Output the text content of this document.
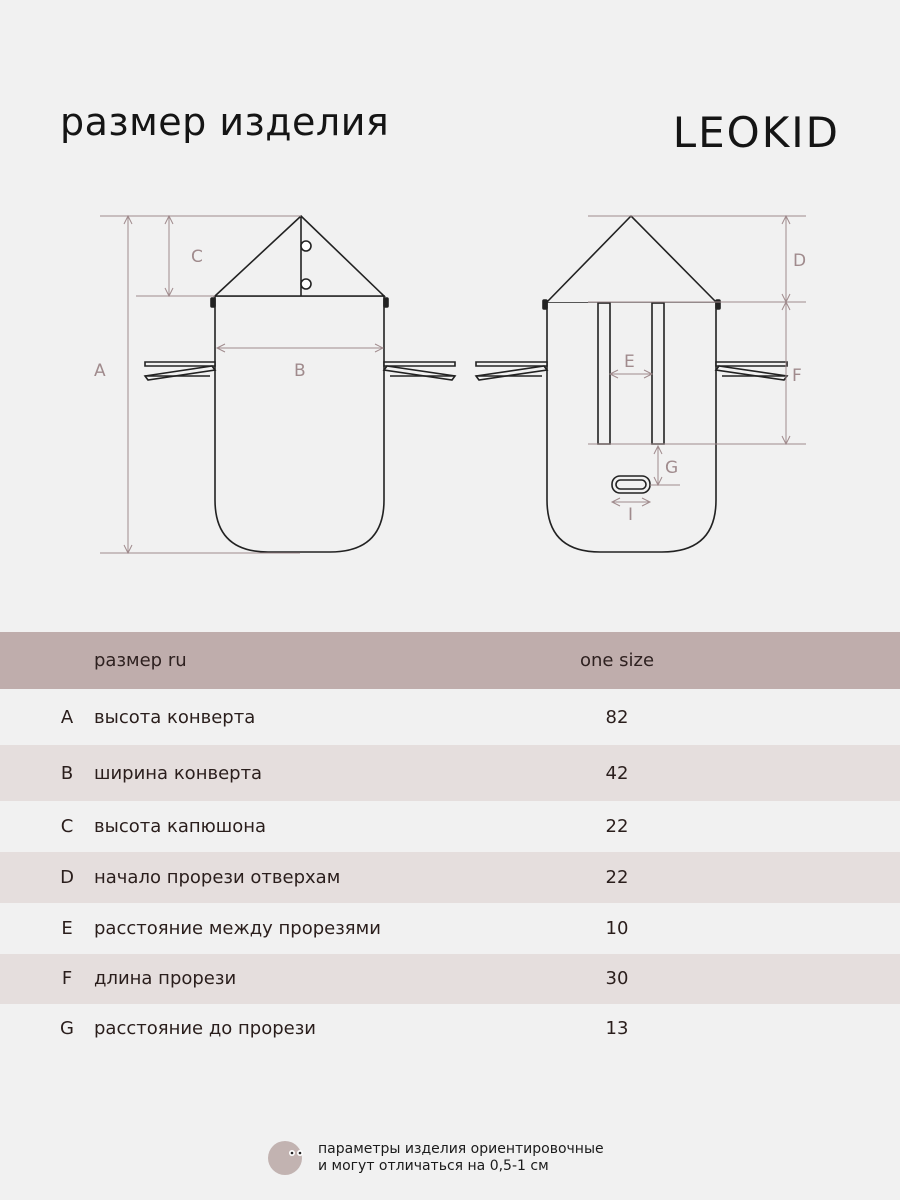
размер изделия	LEOKID
A
C
B
D
F
E
G
I
размер ru	one size
A высота конверта	82
B ширина конверта	42
C высота капюшона	22
D начало прорези отверхам	22
E расстояние между прорезями	10
F длина прорези	30
G расстояние до прорези	13
параметры изделия ориентировочные
и могут отличаться на 0,5-1 см
